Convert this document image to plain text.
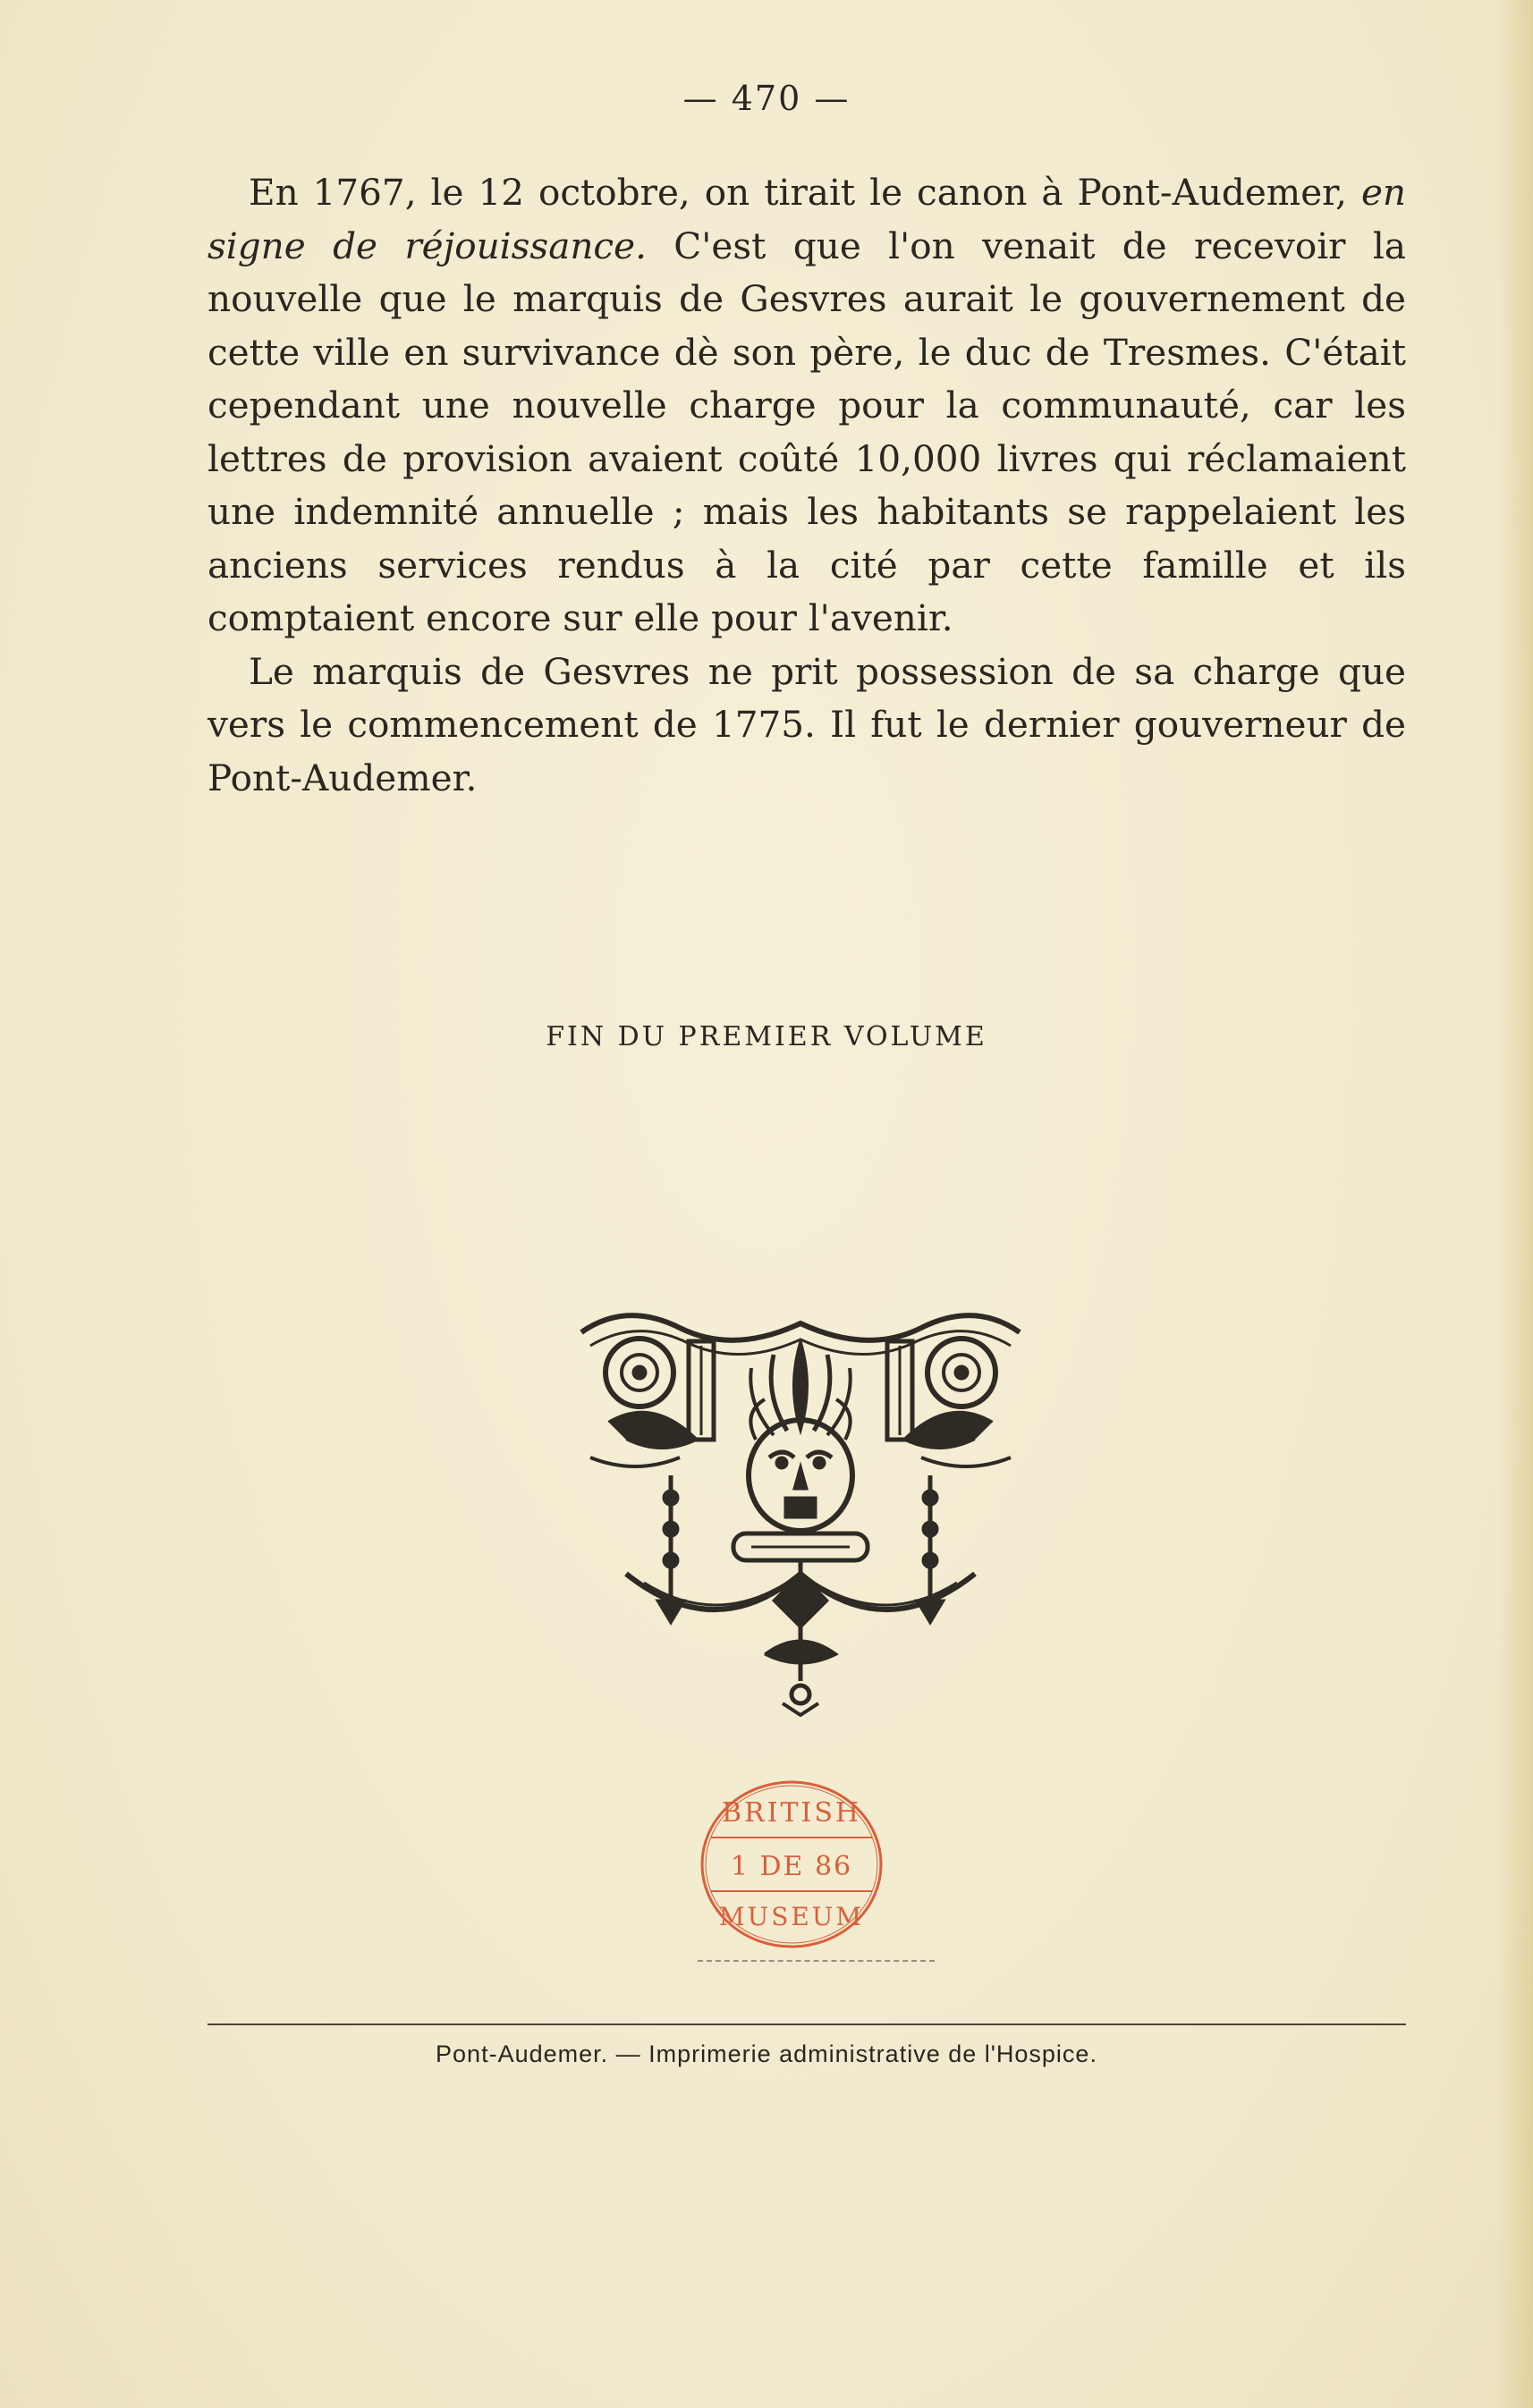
— 470 —

En 1767, le 12 octobre, on tirait le canon à Pont-Audemer, en signe de réjouissance. C'est que l'on venait de recevoir la nouvelle que le marquis de Gesvres aurait le gouvernement de cette ville en survivance dè son père, le duc de Tresmes. C'était cependant une nouvelle charge pour la communauté, car les lettres de provision avaient coûté 10,000 livres qui réclamaient une indemnité annuelle ; mais les habitants se rappelaient les anciens services rendus à la cité par cette famille et ils comptaient encore sur elle pour l'avenir.

Le marquis de Gesvres ne prit possession de sa charge que vers le commencement de 1775. Il fut le dernier gouverneur de Pont-Audemer.

FIN DU PREMIER VOLUME
BRITISH
1 DE 86
MUSEUM
Pont-Audemer. — Imprimerie administrative de l'Hospice.
